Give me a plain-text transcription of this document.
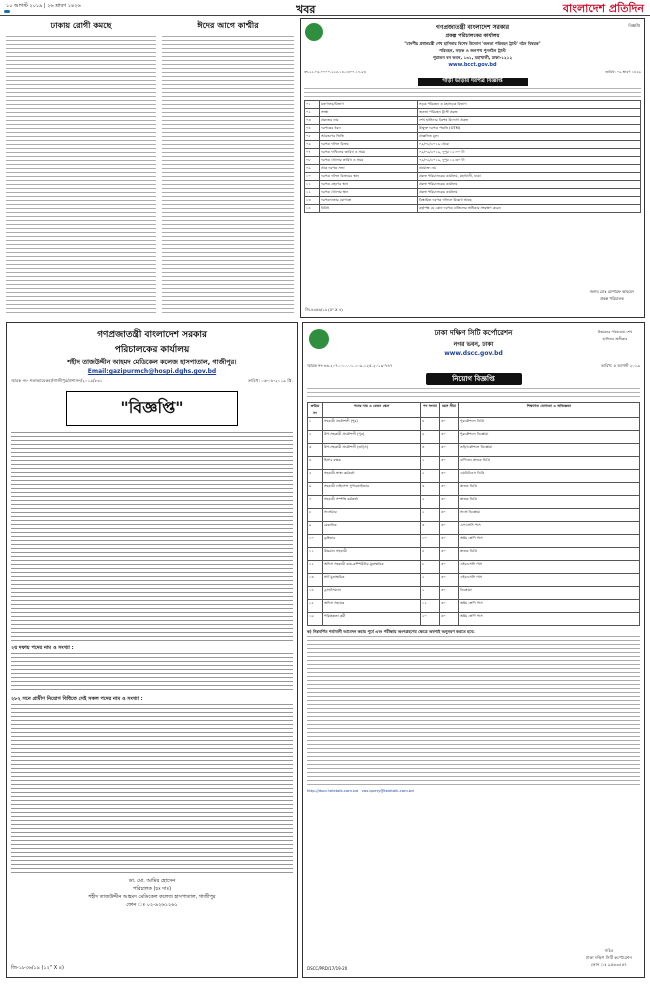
১০ আগস্ট ২০১৯ | ২৬ শ্রাবণ ১৪২৬	খবর	বাংলাদেশ প্রতিদিন
ঢাকায় রোগী কমছে	ঈদের আগে কাশ্মীর	বিজ্ঞপ্তি
গণপ্রজাতন্ত্রী বাংলাদেশ সরকার
প্রকল্প পরিচালকের কার্যালয়
"মানণীয় প্রধানমন্ত্রী শেখ হাসিনার বিশেষ উদ্যোগ 'জনতা পরিবহন ট্রাস্ট' গঠন বিষয়ক"
পরিবহন, সড়ক ও জনপথ পুনর্গঠন ট্রাস্ট
পুরাতন বন ভবন, ১৩১, মহাখালী, ঢাকা-১২১২
www.bcct.gov.bd
নং-২২.০৬.০০০০.২২৫.১৪.১৩০০.১৭-৮৪	তারিখ: ০৯ শ্রাবণ ১৪২৬
গাড়ী ভাড়ার দরপত্র বিজ্ঞপ্তি
০১	মন্ত্রণালয়/বিভাগ	সড়ক পরিবহন ও মহাসড়ক বিভাগ
০২	সংস্থা	জনতা পরিবহন ট্রাস্ট প্রকল্প
০৩	প্রকল্পের নাম	শেখ হাসিনার বিশেষ উদ্যোগ প্রকল্প
০৪	দরপত্রের ধরন	উন্মুক্ত দরপত্র পদ্ধতি (OTM)
০৫	আমন্ত্রণের ভিত্তি	প্রাক্কলিত মূল্য
০৬	দরপত্র দলিল বিক্রয়	০৯/০৮/২০১৯ থেকে
০৭	দরপত্র দাখিলের তারিখ ও সময়	০৯/০৯/২০১৯, দুপুর ১২:০০ টা
০৮	দরপত্র খোলার তারিখ ও সময়	০৯/০৯/২০১৯, দুপুর ১২:৩০ টা
০৯	প্রাক দরপত্র সভা	প্রযোজ্য নয়
১০	দরপত্র দলিল বিক্রয়ের স্থান	প্রকল্প পরিচালকের কার্যালয়, মহাখালী, ঢাকা
১১	দরপত্র গ্রহণের স্থান	প্রকল্প পরিচালকের কার্যালয়
১২	দরপত্র খোলার স্থান	প্রকল্প পরিচালকের কার্যালয়
১৩	দরপত্রদাতার যোগ্যতা	বিস্তারিত দরপত্র দলিলে উল্লেখ আছে
১৪	বিবিধ	কর্তৃপক্ষ যে কোন দরপত্র বাতিলের অধিকার সংরক্ষণ করেন
জনাব মোঃ মোশারফ আহমেদ
প্রকল্প পরিচালক
জি-৪৩৫৬/১৯ (৫" X ৪)
গণপ্রজাতন্ত্রী বাংলাদেশ সরকার
পরিচালকের কার্যালয়
শহীদ তাজউদ্দীন আহমদ মেডিকেল কলেজ হাসপাতাল, গাজীপুর।
Email:gazipurmch@hospi.dghs.gov.bd
স্মারক নং- শতাআমেকহা/গাজীপুর/প্রশাসন/২০১৯/৮৩১	তারিখ: ০৬-০৮-২০১৯ খ্রি.
"বিজ্ঞপ্তি"
২য় দফায় পদের নাম ও সংখ্যা :
২৮২ সনে গ্রামীণ নিয়োগ বিধিতে সেই সকল পদের নাম ও সংখ্যা :
ডা. মো. আমির হোসেন
পরিচালক (চঃ দাঃ)
শহীদ তাজউদ্দীন আহমদ মেডিকেল কলেজ হাসপাতাল, গাজীপুর
ফোন ঃ ০২-৯২৬১২৬১
জি-১৮৩৬/১৯ (১২" X ৪)
উন্নয়নের পথযাত্রায় শেখ হাসিনার অঙ্গীকার
ঢাকা দক্ষিণ সিটি কর্পোরেশন
নগর ভবন, ঢাকা
www.dscc.gov.bd
স্মারক নং-৪৬.২০৭.০০০.০১.০০৯.০২৫.২০১৯-৭৪৭	তারিখ: ৫ আগস্ট ২০১৯
নিয়োগ বিজ্ঞপ্তি
ক্রমিক নং	পদের নাম ও বেতন স্কেল	পদ সংখ্যা	বয়স সীমা	শিক্ষাগত যোগ্যতা ও অভিজ্ঞতা
১	সহকারী প্রকৌশলী (পুর)	৪	৩০	পুরকৌশলে ডিগ্রি
২	উপ-সহকারী প্রকৌশলী (পুর)	৬	৩০	পুরকৌশলে ডিপ্লোমা
৩	উপ-সহকারী প্রকৌশলী (তড়িৎ)	৩	৩০	তড়িৎকৌশলে ডিপ্লোমা
৪	হিসাব রক্ষক	২	৩০	বাণিজ্যে স্নাতক ডিগ্রি
৫	সহকারী স্বাস্থ্য কর্মকর্তা	২	৩০	এমবিবিএস ডিগ্রি
৬	সহকারী লাইসেন্স সুপারভাইজার	৩	৩০	স্নাতক ডিগ্রি
৭	সহকারী সম্পত্তি কর্মকর্তা	২	৩০	স্নাতক ডিগ্রি
৮	সার্ভেয়ার	২	৩০	সার্ভে ডিপ্লোমা
৯	মেকানিক	৩	৩০	এসএসসি পাস
১০	ড্রাইভার	১০	৩০	অষ্টম শ্রেণি পাস
১১	উচ্চমান সহকারী	৪	৩০	স্নাতক ডিগ্রি
১২	অফিস সহকারী কাম-কম্পিউটার মুদ্রাক্ষরিক	৮	৩০	এইচএসসি পাস
১৩	সাট মুদ্রাক্ষরিক	২	৩০	এইচএসসি পাস
১৪	ড্রাফটসম্যান	২	৩০	ডিপ্লোমা
১৫	অফিস সহায়ক	১২	৩০	অষ্টম শ্রেণি পাস
১৬	পরিচ্ছন্নতা কর্মী	২০	৩০	অষ্টম শ্রেণি পাস
ক) নিম্নবর্ণিত শর্তাবলী আবেদন করার পূর্বে এবং পরীক্ষায় অংশগ্রহণের ক্ষেত্রে অবশ্যই অনুসরণ করতে হবে:
http://dscc.teletalk.com.bd vas.query@teletalk.com.bd
সচিব
ঢাকা দক্ষিণ সিটি কর্পোরেশন
ফোন ঃ ৯৫৬৩৪৫৭
DSCC/PRD/17/19-20
